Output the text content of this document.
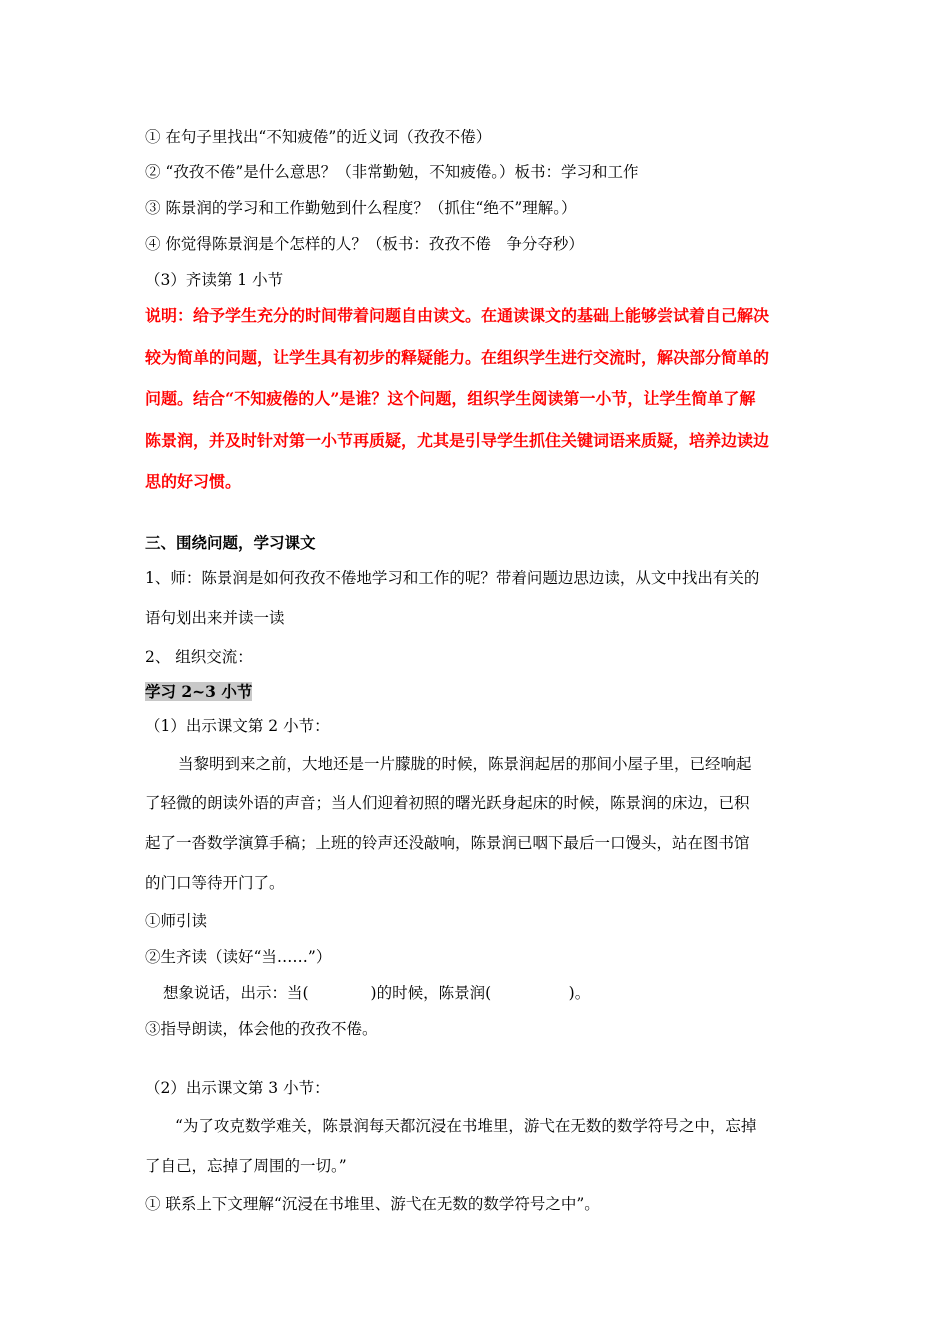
① 在句子里找出“不知疲倦”的近义词（孜孜不倦）
② “孜孜不倦”是什么意思？（非常勤勉，不知疲倦。）板书：学习和工作
③ 陈景润的学习和工作勤勉到什么程度？（抓住“绝不”理解。）
④ 你觉得陈景润是个怎样的人？（板书：孜孜不倦　争分夺秒）
（3）齐读第 1 小节
说明：给予学生充分的时间带着问题自由读文。在通读课文的基础上能够尝试着自己解决
较为简单的问题，让学生具有初步的释疑能力。在组织学生进行交流时，解决部分简单的
问题。结合“不知疲倦的人”是谁？这个问题，组织学生阅读第一小节，让学生简单了解
陈景润，并及时针对第一小节再质疑，尤其是引导学生抓住关键词语来质疑，培养边读边
思的好习惯。
三、围绕问题，学习课文
1、师：陈景润是如何孜孜不倦地学习和工作的呢？带着问题边思边读，从文中找出有关的
语句划出来并读一读
2、 组织交流：
学习 2~3 小节
（1）出示课文第 2 小节：
当黎明到来之前，大地还是一片朦胧的时候，陈景润起居的那间小屋子里，已经响起
了轻微的朗读外语的声音；当人们迎着初照的曙光跃身起床的时候，陈景润的床边，已积
起了一沓数学演算手稿；上班的铃声还没敲响，陈景润已咽下最后一口馒头，站在图书馆
的门口等待开门了。
①师引读
②生齐读（读好“当……”）
想象说话，出示：当(　　　　)的时候，陈景润(　　　　　)。
③指导朗读，体会他的孜孜不倦。
（2）出示课文第 3 小节：
“为了攻克数学难关，陈景润每天都沉浸在书堆里，游弋在无数的数学符号之中，忘掉
了自己，忘掉了周围的一切。”
① 联系上下文理解“沉浸在书堆里、游弋在无数的数学符号之中”。
